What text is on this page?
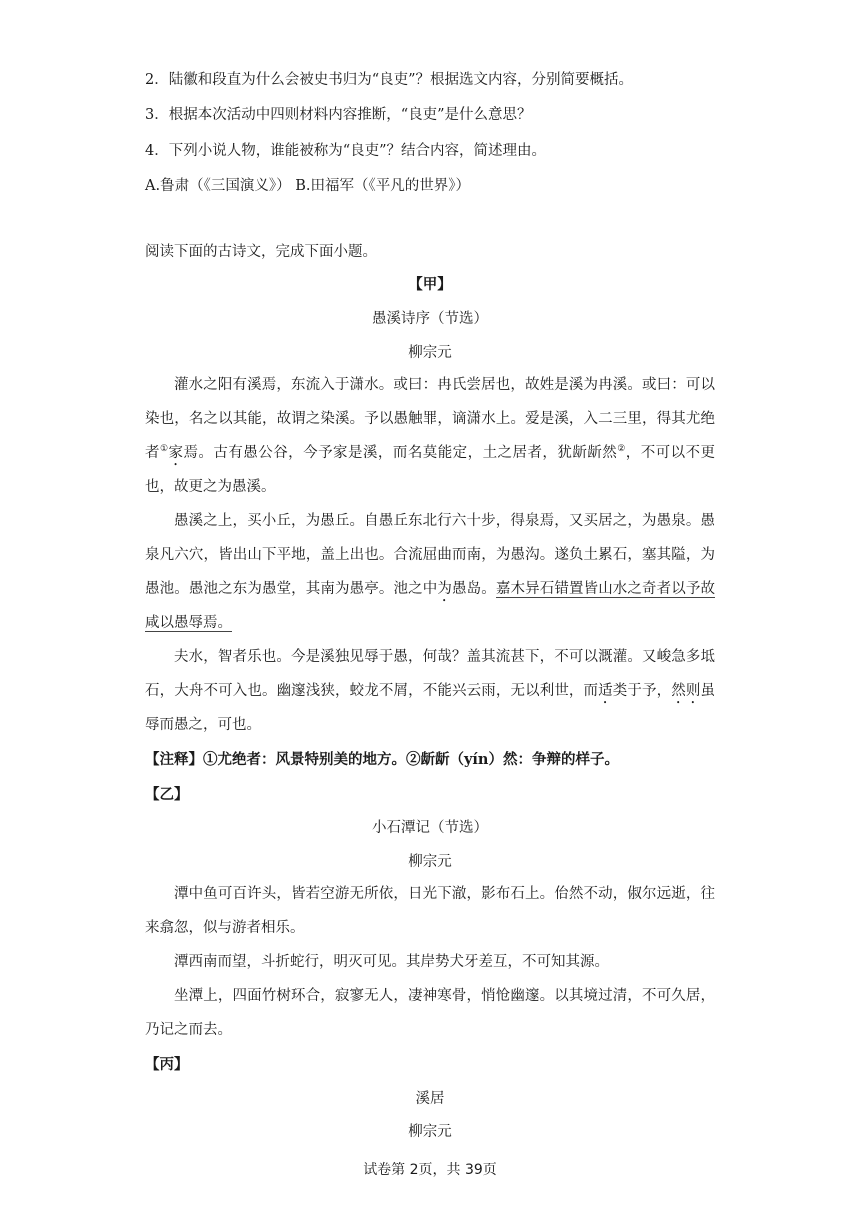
2．陆徽和段直为什么会被史书归为“良吏”？根据选文内容，分别简要概括。
3．根据本次活动中四则材料内容推断，“良吏”是什么意思？
4．下列小说人物，谁能被称为“良吏”？结合内容，简述理由。
A.鲁肃（《三国演义》） B.田福军（《平凡的世界》）
阅读下面的古诗文，完成下面小题。
【甲】
愚溪诗序（节选）
柳宗元
灌水之阳有溪焉，东流入于潇水。或曰：冉氏尝居也，故姓是溪为冉溪。或曰：可以染也，名之以其能，故谓之染溪。予以愚触罪，谪潇水上。爱是溪，入二三里，得其尤绝者①家焉。古有愚公谷，今予家是溪，而名莫能定，土之居者，犹龂龂然②，不可以不更也，故更之为愚溪。
愚溪之上，买小丘，为愚丘。自愚丘东北行六十步，得泉焉，又买居之，为愚泉。愚泉凡六穴，皆出山下平地，盖上出也。合流屈曲而南，为愚沟。遂负土累石，塞其隘，为愚池。愚池之东为愚堂，其南为愚亭。池之中为愚岛。嘉木异石错置皆山水之奇者以予故咸以愚辱焉。
夫水，智者乐也。今是溪独见辱于愚，何哉？盖其流甚下，不可以溉灌。又峻急多坻石，大舟不可入也。幽邃浅狭，蛟龙不屑，不能兴云雨，无以利世，而适类于予，然则虽辱而愚之，可也。
【注释】①尤绝者：风景特别美的地方。②龂龂（yín）然：争辩的样子。
【乙】
小石潭记（节选）
柳宗元
潭中鱼可百许头，皆若空游无所依，日光下澈，影布石上。佁然不动，俶尔远逝，往来翕忽，似与游者相乐。
潭西南而望，斗折蛇行，明灭可见。其岸势犬牙差互，不可知其源。
坐潭上，四面竹树环合，寂寥无人，凄神寒骨，悄怆幽邃。以其境过清，不可久居，乃记之而去。
【丙】
溪居
柳宗元
试卷第 2页，共 39页
